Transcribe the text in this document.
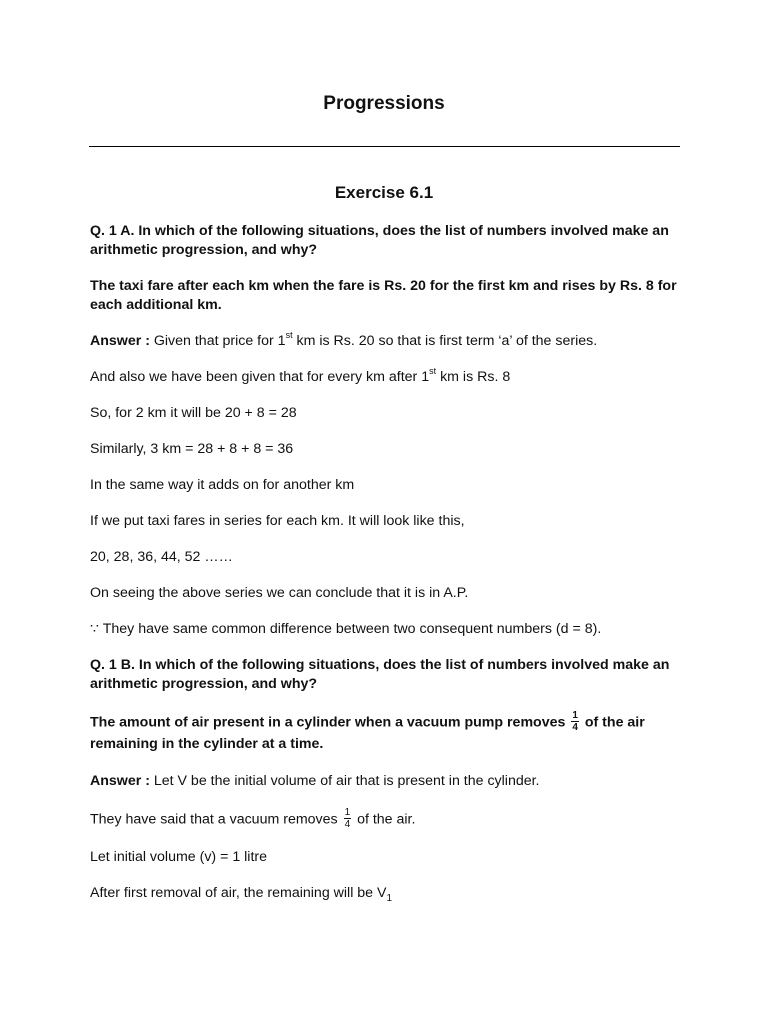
Progressions
Exercise 6.1

Q. 1 A. In which of the following situations, does the list of numbers involved make an arithmetic progression, and why?

The taxi fare after each km when the fare is Rs. 20 for the first km and rises by Rs. 8 for each additional km.

Answer : Given that price for 1st km is Rs. 20 so that is first term ‘a’ of the series.

And also we have been given that for every km after 1st km is Rs. 8

So, for 2 km it will be 20 + 8 = 28

Similarly, 3 km = 28 + 8 + 8 = 36

In the same way it adds on for another km

If we put taxi fares in series for each km. It will look like this,

20, 28, 36, 44, 52 ……

On seeing the above series we can conclude that it is in A.P.

∵ They have same common difference between two consequent numbers (d = 8).

Q. 1 B. In which of the following situations, does the list of numbers involved make an arithmetic progression, and why?

The amount of air present in a cylinder when a vacuum pump removes $\frac{1}{4}$ of the air remaining in the cylinder at a time.

Answer : Let V be the initial volume of air that is present in the cylinder.

They have said that a vacuum removes $\frac{1}{4}$ of the air.

Let initial volume (v) = 1 litre

After first removal of air, the remaining will be $V_1$
